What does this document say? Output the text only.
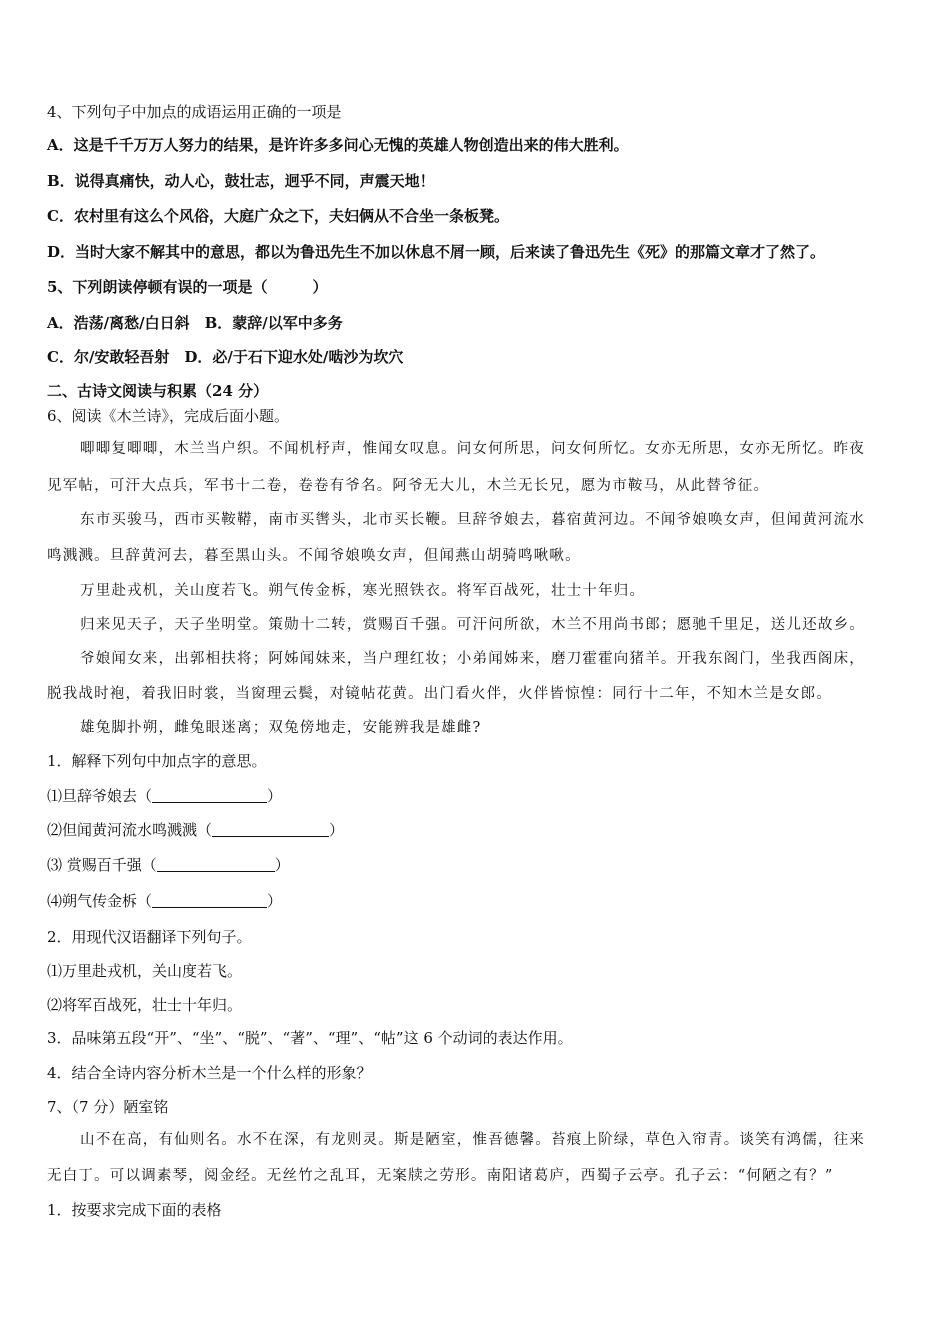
4、下列句子中加点的成语运用正确的一项是
A．这是千千万万人努力的结果，是许许多多问心无愧的英雄人物创造出来的伟大胜利。
B．说得真痛快，动人心，鼓壮志，迥乎不同，声震天地！
C．农村里有这么个风俗，大庭广众之下，夫妇俩从不合坐一条板凳。
D．当时大家不解其中的意思，都以为鲁迅先生不加以休息不屑一顾，后来读了鲁迅先生《死》的那篇文章才了然了。
5、下列朗读停顿有误的一项是（　　　）
A．浩荡/离愁/白日斜　B．蒙辞/以军中多务
C．尔/安敢轻吾射　D．必/于石下迎水处/啮沙为坎穴
二、古诗文阅读与积累（24 分）
6、阅读《木兰诗》，完成后面小题。
唧唧复唧唧，木兰当户织。不闻机杼声，惟闻女叹息。问女何所思，问女何所忆。女亦无所思，女亦无所忆。昨夜
见军帖，可汗大点兵，军书十二卷，卷卷有爷名。阿爷无大儿，木兰无长兄，愿为市鞍马，从此替爷征。
东市买骏马，西市买鞍鞯，南市买辔头，北市买长鞭。旦辞爷娘去，暮宿黄河边。不闻爷娘唤女声，但闻黄河流水
鸣溅溅。旦辞黄河去，暮至黑山头。不闻爷娘唤女声，但闻燕山胡骑鸣啾啾。
万里赴戎机，关山度若飞。朔气传金柝，寒光照铁衣。将军百战死，壮士十年归。
归来见天子，天子坐明堂。策勋十二转，赏赐百千强。可汗问所欲，木兰不用尚书郎；愿驰千里足，送儿还故乡。
爷娘闻女来，出郭相扶将；阿姊闻妹来，当户理红妆；小弟闻姊来，磨刀霍霍向猪羊。开我东阁门，坐我西阁床，
脱我战时袍，着我旧时裳，当窗理云鬓，对镜帖花黄。出门看火伴，火伴皆惊惶：同行十二年，不知木兰是女郎。
雄兔脚扑朔，雌兔眼迷离；双兔傍地走，安能辨我是雄雌?
1．解释下列句中加点字的意思。
⑴旦辞爷娘去（	）
⑵但闻黄河流水鸣溅溅（	）
⑶ 赏赐百千强（	）
⑷朔气传金柝（	）
2．用现代汉语翻译下列句子。
⑴万里赴戎机，关山度若飞。
⑵将军百战死，壮士十年归。
3．品味第五段“开”、“坐”、“脱”、“著”、“理”、“帖”这 6 个动词的表达作用。
4．结合全诗内容分析木兰是一个什么样的形象？
7、（7 分）陋室铭
山不在高，有仙则名。水不在深，有龙则灵。斯是陋室，惟吾德馨。苔痕上阶绿，草色入帘青。谈笑有鸿儒，往来
无白丁。可以调素琴，阅金经。无丝竹之乱耳，无案牍之劳形。南阳诸葛庐，西蜀子云亭。孔子云：“何陋之有？”
1．按要求完成下面的表格
